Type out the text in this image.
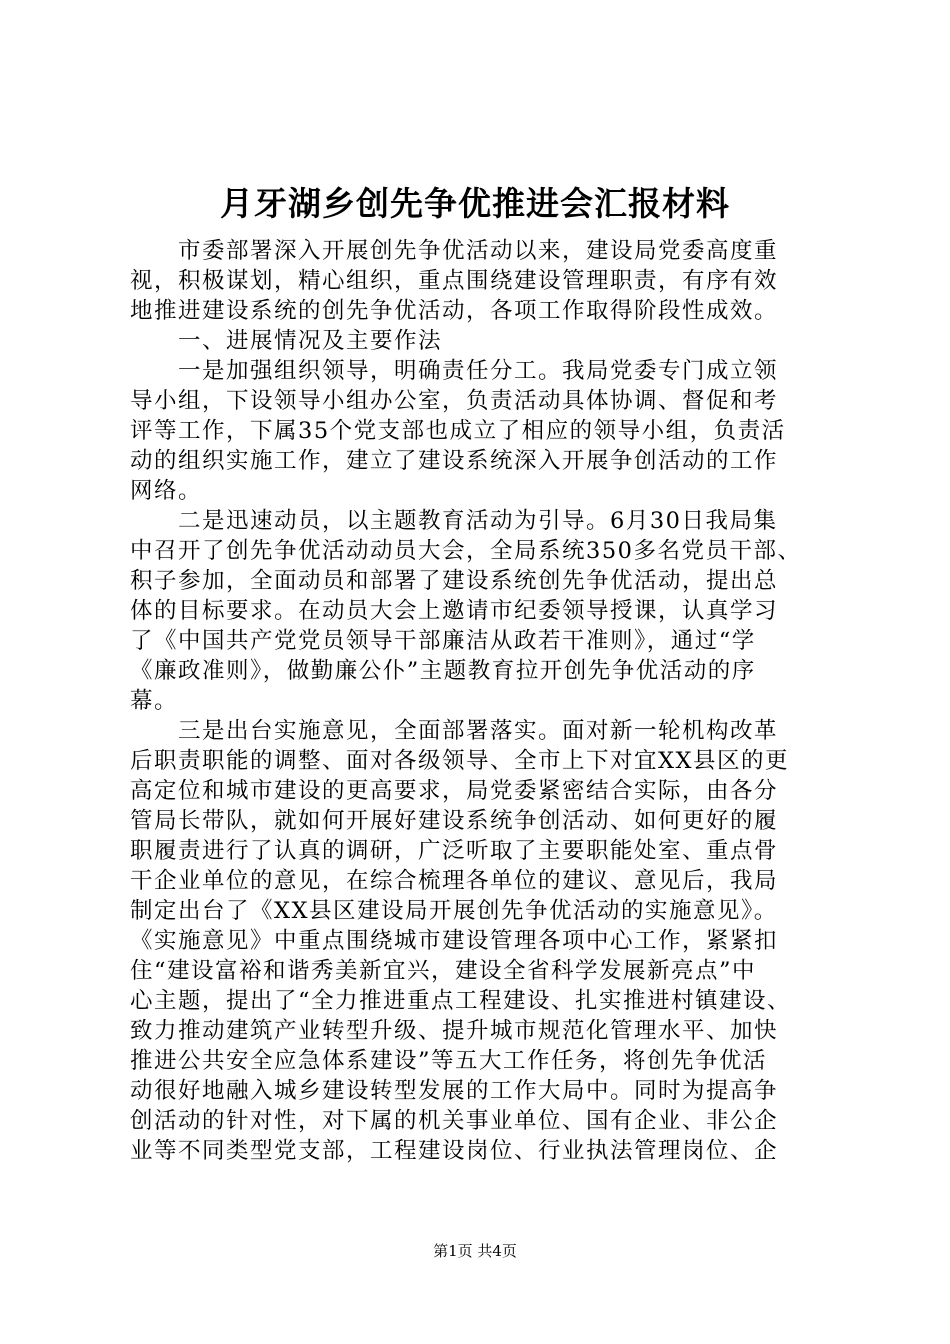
月牙湖乡创先争优推进会汇报材料
　　市委部署深入开展创先争优活动以来，建设局党委高度重
视，积极谋划，精心组织，重点围绕建设管理职责，有序有效
地推进建设系统的创先争优活动，各项工作取得阶段性成效。
　　一、进展情况及主要作法
　　一是加强组织领导，明确责任分工。我局党委专门成立领
导小组，下设领导小组办公室，负责活动具体协调、督促和考
评等工作，下属35个党支部也成立了相应的领导小组，负责活
动的组织实施工作，建立了建设系统深入开展争创活动的工作
网络。
　　二是迅速动员，以主题教育活动为引导。6月30日我局集
中召开了创先争优活动动员大会，全局系统350多名党员干部、
积子参加，全面动员和部署了建设系统创先争优活动，提出总
体的目标要求。在动员大会上邀请市纪委领导授课，认真学习
了《中国共产党党员领导干部廉洁从政若干准则》，通过“学
《廉政准则》，做勤廉公仆”主题教育拉开创先争优活动的序
幕。
　　三是出台实施意见，全面部署落实。面对新一轮机构改革
后职责职能的调整、面对各级领导、全市上下对宜XX县区的更
高定位和城市建设的更高要求，局党委紧密结合实际，由各分
管局长带队，就如何开展好建设系统争创活动、如何更好的履
职履责进行了认真的调研，广泛听取了主要职能处室、重点骨
干企业单位的意见，在综合梳理各单位的建议、意见后，我局
制定出台了《XX县区建设局开展创先争优活动的实施意见》。
《实施意见》中重点围绕城市建设管理各项中心工作，紧紧扣
住“建设富裕和谐秀美新宜兴，建设全省科学发展新亮点”中
心主题，提出了“全力推进重点工程建设、扎实推进村镇建设、
致力推动建筑产业转型升级、提升城市规范化管理水平、加快
推进公共安全应急体系建设”等五大工作任务，将创先争优活
动很好地融入城乡建设转型发展的工作大局中。同时为提高争
创活动的针对性，对下属的机关事业单位、国有企业、非公企
业等不同类型党支部，工程建设岗位、行业执法管理岗位、企
第1页 共4页
